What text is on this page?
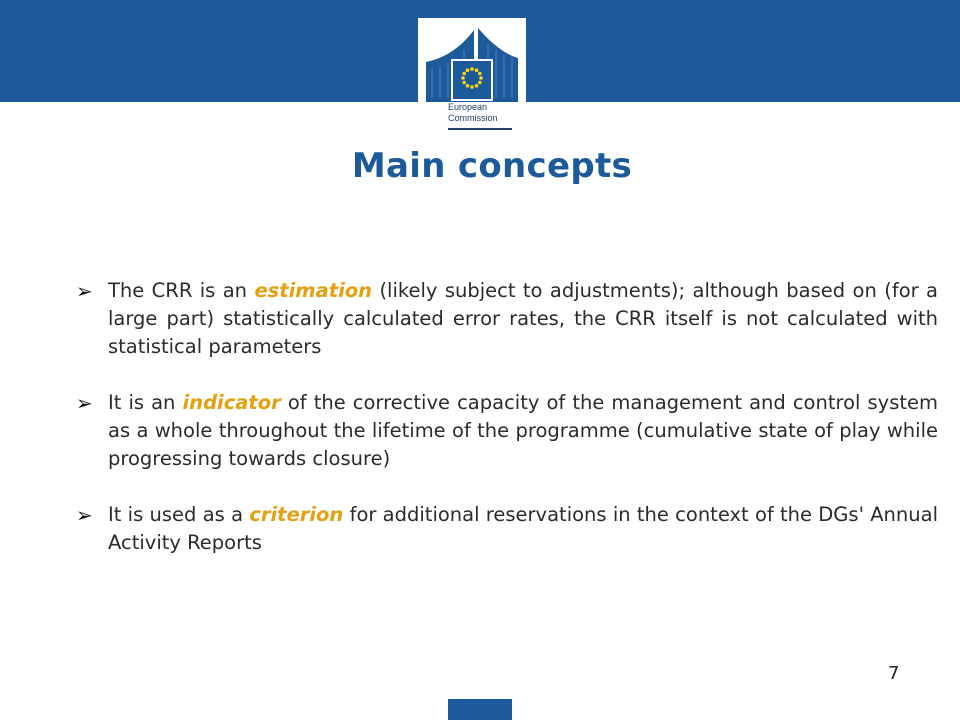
European
Commission
Main concepts
➢ The CRR is an estimation (likely subject to adjustments); although based on (for a large part) statistically calculated error rates, the CRR itself is not calculated with statistical parameters
➢ It is an indicator of the corrective capacity of the management and control system as a whole throughout the lifetime of the programme (cumulative state of play while progressing towards closure)
➢ It is used as a criterion for additional reservations in the context of the DGs' Annual Activity Reports
7
